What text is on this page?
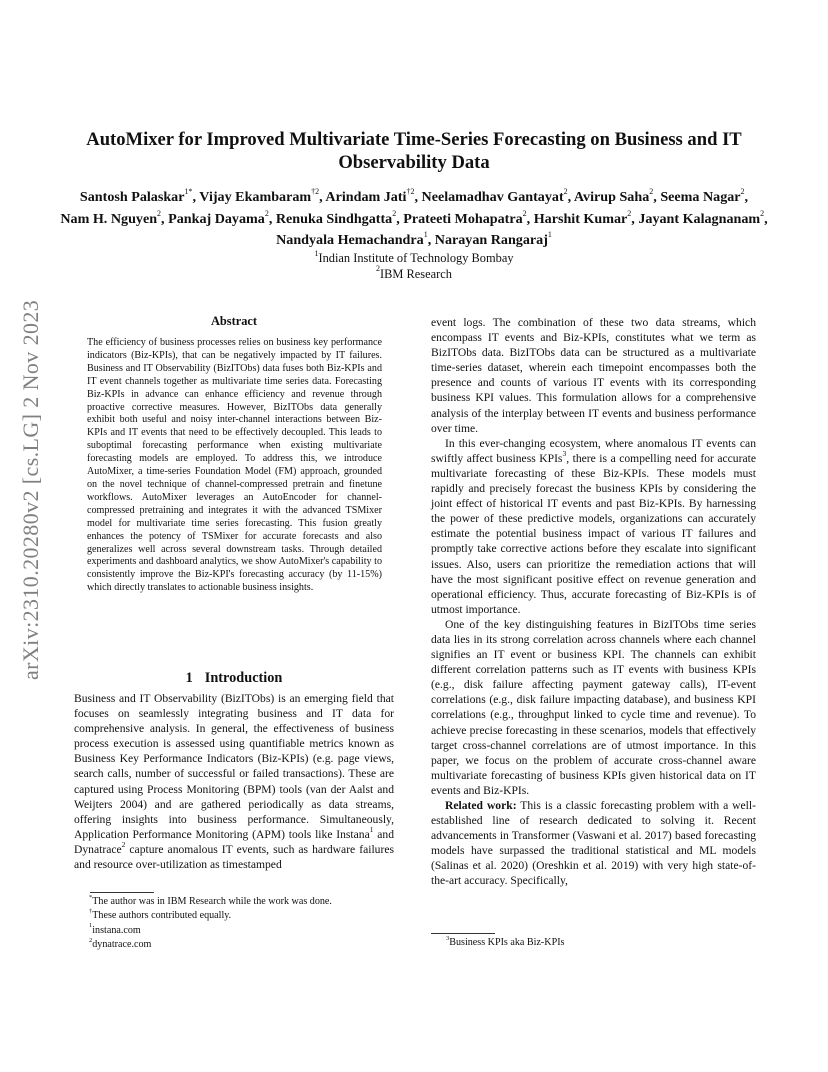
arXiv:2310.20280v2 [cs.LG] 2 Nov 2023
AutoMixer for Improved Multivariate Time-Series Forecasting on Business and IT Observability Data
Santosh Palaskar$^{1*}$, Vijay Ekambaram$^{\dagger 2}$, Arindam Jati$^{\dagger 2}$, Neelamadhav Gantayat$^2$, Avirup Saha$^2$, Seema Nagar$^2$, Nam H. Nguyen$^2$, Pankaj Dayama$^2$, Renuka Sindhgatta$^2$, Prateeti Mohapatra$^2$, Harshit Kumar$^2$, Jayant Kalagnanam$^2$, Nandyala Hemachandra$^1$, Narayan Rangaraj$^1$
$^1$Indian Institute of Technology Bombay
$^2$IBM Research
Abstract
The efficiency of business processes relies on business key performance indicators (Biz-KPIs), that can be negatively impacted by IT failures. Business and IT Observability (BizITObs) data fuses both Biz-KPIs and IT event channels together as multivariate time series data. Forecasting Biz-KPIs in advance can enhance efficiency and revenue through proactive corrective measures. However, BizITObs data generally exhibit both useful and noisy inter-channel interactions between Biz-KPIs and IT events that need to be effectively decoupled. This leads to suboptimal forecasting performance when existing multivariate forecasting models are employed. To address this, we introduce AutoMixer, a time-series Foundation Model (FM) approach, grounded on the novel technique of channel-compressed pretrain and finetune workflows. AutoMixer leverages an AutoEncoder for channel-compressed pretraining and integrates it with the advanced TSMixer model for multivariate time series forecasting. This fusion greatly enhances the potency of TSMixer for accurate forecasts and also generalizes well across several downstream tasks. Through detailed experiments and dashboard analytics, we show AutoMixer's capability to consistently improve the Biz-KPI's forecasting accuracy (by 11-15%) which directly translates to actionable business insights.
1 Introduction

Business and IT Observability (BizITObs) is an emerging field that focuses on seamlessly integrating business and IT data for comprehensive analysis. In general, the effectiveness of business process execution is assessed using quantifiable metrics known as Business Key Performance Indicators (Biz-KPIs) (e.g. page views, search calls, number of successful or failed transactions). These are captured using Process Monitoring (BPM) tools (van der Aalst and Weijters 2004) and are gathered periodically as data streams, offering insights into business performance. Simultaneously, Application Performance Monitoring (APM) tools like Instana$^1$ and Dynatrace$^2$ capture anomalous IT events, such as hardware failures and resource over-utilization as timestamped

*The author was in IBM Research while the work was done.

†These authors contributed equally.

$^1$instana.com

$^2$dynatrace.com

event logs. The combination of these two data streams, which encompass IT events and Biz-KPIs, constitutes what we term as BizITObs data. BizITObs data can be structured as a multivariate time-series dataset, wherein each timepoint encompasses both the presence and counts of various IT events with its corresponding business KPI values. This formulation allows for a comprehensive analysis of the interplay between IT events and business performance over time.

In this ever-changing ecosystem, where anomalous IT events can swiftly affect business KPIs$^3$, there is a compelling need for accurate multivariate forecasting of these Biz-KPIs. These models must rapidly and precisely forecast the business KPIs by considering the joint effect of historical IT events and past Biz-KPIs. By harnessing the power of these predictive models, organizations can accurately estimate the potential business impact of various IT failures and promptly take corrective actions before they escalate into significant issues. Also, users can prioritize the remediation actions that will have the most significant positive effect on revenue generation and operational efficiency. Thus, accurate forecasting of Biz-KPIs is of utmost importance.

One of the key distinguishing features in BizITObs time series data lies in its strong correlation across channels where each channel signifies an IT event or business KPI. The channels can exhibit different correlation patterns such as IT events with business KPIs (e.g., disk failure affecting payment gateway calls), IT-event correlations (e.g., disk failure impacting database), and business KPI correlations (e.g., throughput linked to cycle time and revenue). To achieve precise forecasting in these scenarios, models that effectively target cross-channel correlations are of utmost importance. In this paper, we focus on the problem of accurate cross-channel aware multivariate forecasting of business KPIs given historical data on IT events and Biz-KPIs.

Related work: This is a classic forecasting problem with a well-established line of research dedicated to solving it. Recent advancements in Transformer (Vaswani et al. 2017) based forecasting models have surpassed the traditional statistical and ML models (Salinas et al. 2020) (Oreshkin et al. 2019) with very high state-of-the-art accuracy. Specifically,

$^3$Business KPIs aka Biz-KPIs
